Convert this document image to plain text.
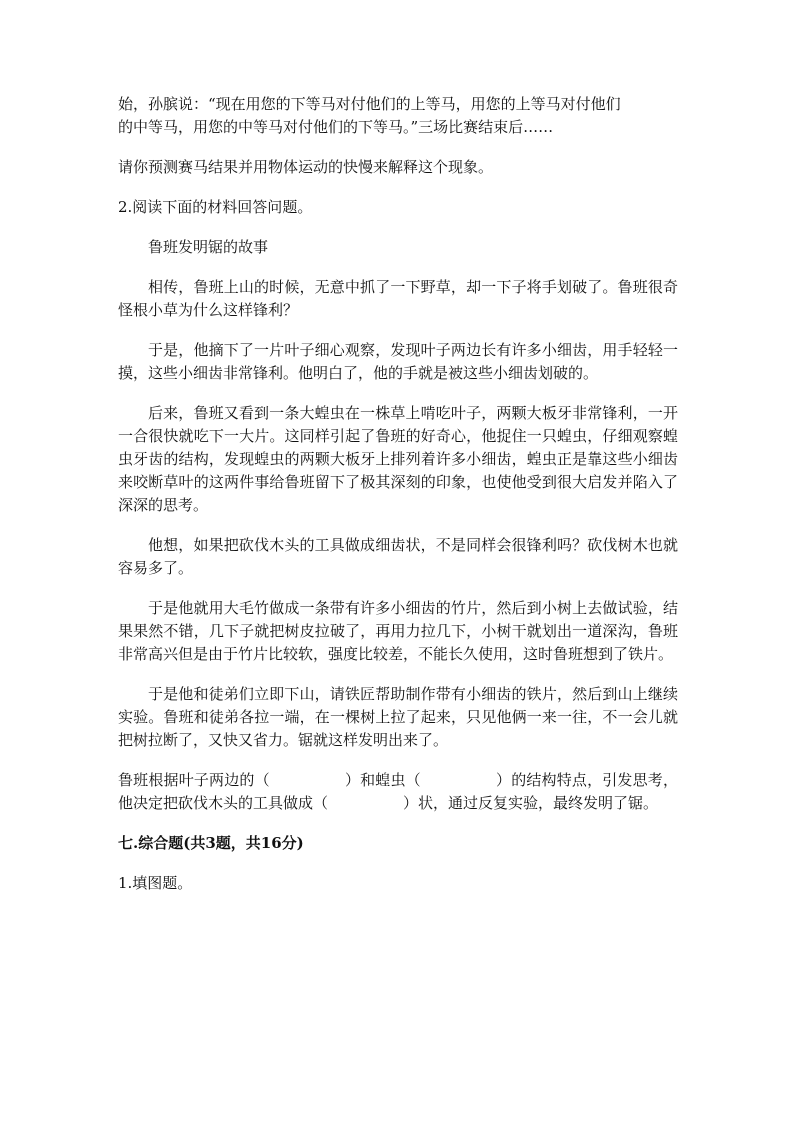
始，孙膑说：“现在用您的下等马对付他们的上等马，用您的上等马对付他们

的中等马，用您的中等马对付他们的下等马。”三场比赛结束后……

请你预测赛马结果并用物体运动的快慢来解释这个现象。

2.阅读下面的材料回答问题。

鲁班发明锯的故事

相传，鲁班上山的时候，无意中抓了一下野草，却一下子将手划破了。鲁班很奇怪根小草为什么这样锋利？

于是，他摘下了一片叶子细心观察，发现叶子两边长有许多小细齿，用手轻轻一摸，这些小细齿非常锋利。他明白了，他的手就是被这些小细齿划破的。

后来，鲁班又看到一条大蝗虫在一株草上啃吃叶子，两颗大板牙非常锋利，一开一合很快就吃下一大片。这同样引起了鲁班的好奇心，他捉住一只蝗虫，仔细观察蝗虫牙齿的结构，发现蝗虫的两颗大板牙上排列着许多小细齿，蝗虫正是靠这些小细齿来咬断草叶的这两件事给鲁班留下了极其深刻的印象，也使他受到很大启发并陷入了深深的思考。

他想，如果把砍伐木头的工具做成细齿状，不是同样会很锋利吗？砍伐树木也就容易多了。

于是他就用大毛竹做成一条带有许多小细齿的竹片，然后到小树上去做试验，结果果然不错，几下子就把树皮拉破了，再用力拉几下，小树干就划出一道深沟，鲁班非常高兴但是由于竹片比较软，强度比较差，不能长久使用，这时鲁班想到了铁片。

于是他和徒弟们立即下山，请铁匠帮助制作带有小细齿的铁片，然后到山上继续实验。鲁班和徒弟各拉一端，在一棵树上拉了起来，只见他俩一来一往，不一会儿就把树拉断了，又快又省力。锯就这样发明出来了。

鲁班根据叶子两边的（	）和蝗虫（	）的结构特点，引发思考，他决定把砍伐木头的工具做成（	）状，通过反复实验，最终发明了锯。

七.综合题(共3题，共16分)

1.填图题。
